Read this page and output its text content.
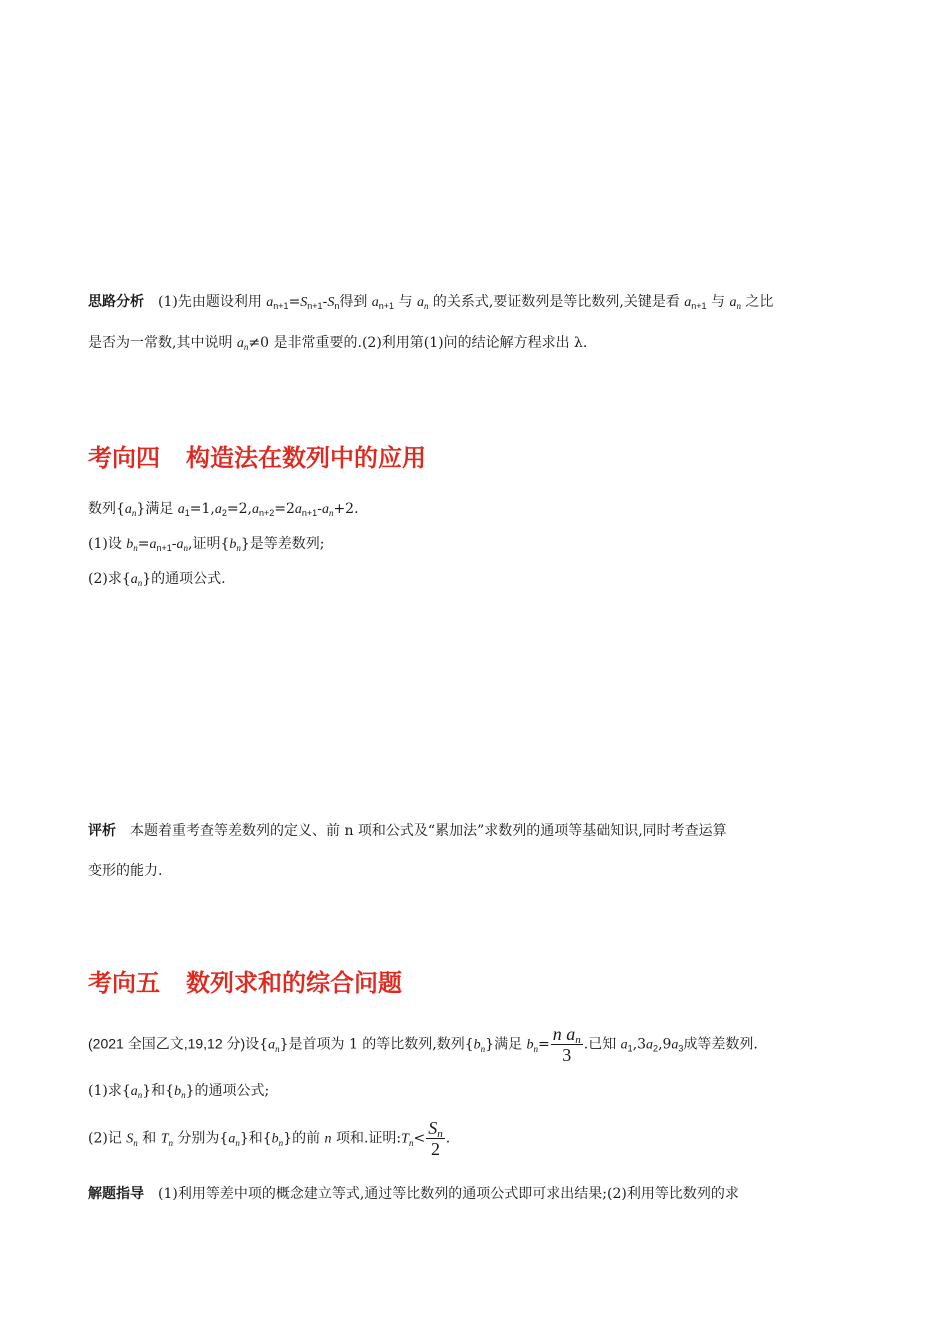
思路分析 (1)先由题设利用 $a_{n+1}=S_{n+1}-S_n$得到 $a_{n+1}$ 与 $a_n$ 的关系式,要证数列是等比数列,关键是看 $a_{n+1}$ 与 $a_n$ 之比

是否为一常数,其中说明 $a_n\ne 0$ 是非常重要的.(2)利用第(1)问的结论解方程求出 λ.

考向四 构造法在数列中的应用

数列$\{a_n\}$满足 $a_1=1,a_2=2,a_{n+2}=2a_{n+1}-a_n+2$.

(1)设 $b_n=a_{n+1}-a_n$,证明$\{b_n\}$是等差数列;

(2)求$\{a_n\}$的通项公式.

评析 本题着重考查等差数列的定义、前 n 项和公式及“累加法”求数列的通项等基础知识,同时考查运算

变形的能力.

考向五 数列求和的综合问题

(2021 全国乙文,19,12 分)设$\{a_n\}$是首项为 1 的等比数列,数列$\{b_n\}$满足 $b_n= \frac{n a_n}{3}$ .已知 $a_1,3a_2,9a_3$成等差数列.

(1)求$\{a_n\}$和$\{b_n\}$的通项公式;

(2)记 $S_n$ 和 $T_n$ 分别为$\{a_n\}$和$\{b_n\}$的前 n 项和.证明$:T_n< \frac{S_n}{2}$ .

解题指导 (1)利用等差中项的概念建立等式,通过等比数列的通项公式即可求出结果;(2)利用等比数列的求
